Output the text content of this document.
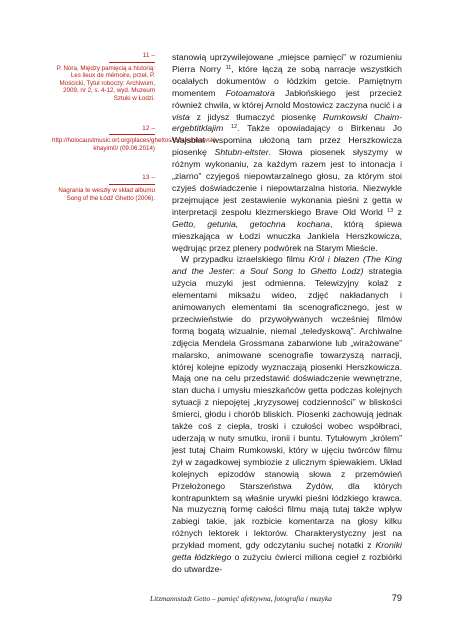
11 –
P. Nora, Między pamięcią a historią: Les lieux de mémoire, przeł. P. Mościcki, Tytuł roboczy: Archiwum, 2009, nr 2, s. 4-12, wyd. Muzeum Sztuki w Łodzi.
12 –
http://holocaustmusic.ort.org/places/ghettos/lodz/rumkowski-khayim0/ (09.06.2014)
13 –
Nagrania te weszły w skład albumu Song of the Łódź Ghetto (2006).

stanowią uprzywilejowane „miejsce pamięci” w rozumieniu Pierra Norry $^{11}$, które łączą ze sobą narracje wszystkich ocalałych dokumentów o łódzkim getcie. Pamiętnym momentem Fotoamatora Jabłońskiego jest przecież również chwila, w której Arnold Mostowicz zaczyna nucić i a vista z jidysz tłumaczyć piosenkę Rumkowski Chaim-ergebtitklajim $^{12}$. Także opowiadający o Birkenau Jo Wajsblat wspomina ułożoną tam przez Herszkowicza piosenkę Shtubn-eltster. Słowa piosenek słyszymy w różnym wykonaniu, za każdym razem jest to intonacja i „ziarno” czyjegoś niepowtarzalnego głosu, za którym stoi czyjeś doświadczenie i niepowtarzalna historia. Niezwykle przejmujące jest zestawienie wykonania pieśni z getta w interpretacji zespołu klezmerskiego Brave Old World $^{13}$ z Getto, getunia, getochna kochana, którą śpiewa mieszkająca w Łodzi wnuczka Jankiela Herszkowicza, wędrując przez plenery podwórek na Starym Mieście.

W przypadku izraelskiego filmu Król i błazen (The King and the Jester: a Soul Song to Ghetto Lodz) strategia użycia muzyki jest odmienna. Telewizyjny kolaż z elementami miksażu wideo, zdjęć nakładanych i animowanych elementami tła scenograficznego, jest w przeciwieństwie do przywoływanych wcześniej filmów formą bogatą wizualnie, niemal „teledyskową”. Archiwalne zdjęcia Mendela Grossmana zabarwione lub „wirażowane” malarsko, animowane scenografie towarzyszą narracji, której kolejne epizody wyznaczają piosenki Herszkowicza. Mają one na celu przedstawić doświadczenie wewnętrzne, stan ducha i umysłu mieszkańców getta podczas kolejnych sytuacji z niepojętej „kryzysowej codzienności” w bliskości śmierci, głodu i chorób bliskich. Piosenki zachowują jednak także coś z ciepła, troski i czułości wobec współbraci, uderzają w nuty smutku, ironii i buntu. Tytułowym „królem” jest tutaj Chaim Rumkowski, który w ujęciu twórców filmu żył w zagadkowej symbiozie z ulicznym śpiewakiem. Układ kolejnych epizodów stanowią słowa z przemówień Przełożonego Starszeństwa Żydów, dla których kontrapunktem są właśnie urywki pieśni łódzkiego krawca. Na muzyczną formę całości filmu mają tutaj także wpływ zabiegi takie, jak rozbicie komentarza na głosy kilku różnych lektorek i lektorów. Charakterystyczny jest na przykład moment, gdy odczytaniu suchej notatki z Kroniki getta łódzkiego o zużyciu ćwierci miliona cegieł z rozbiórki do utwardze-

Litzmannstadt Getto – pamięć afektywna, fotografia i muzyka	79
